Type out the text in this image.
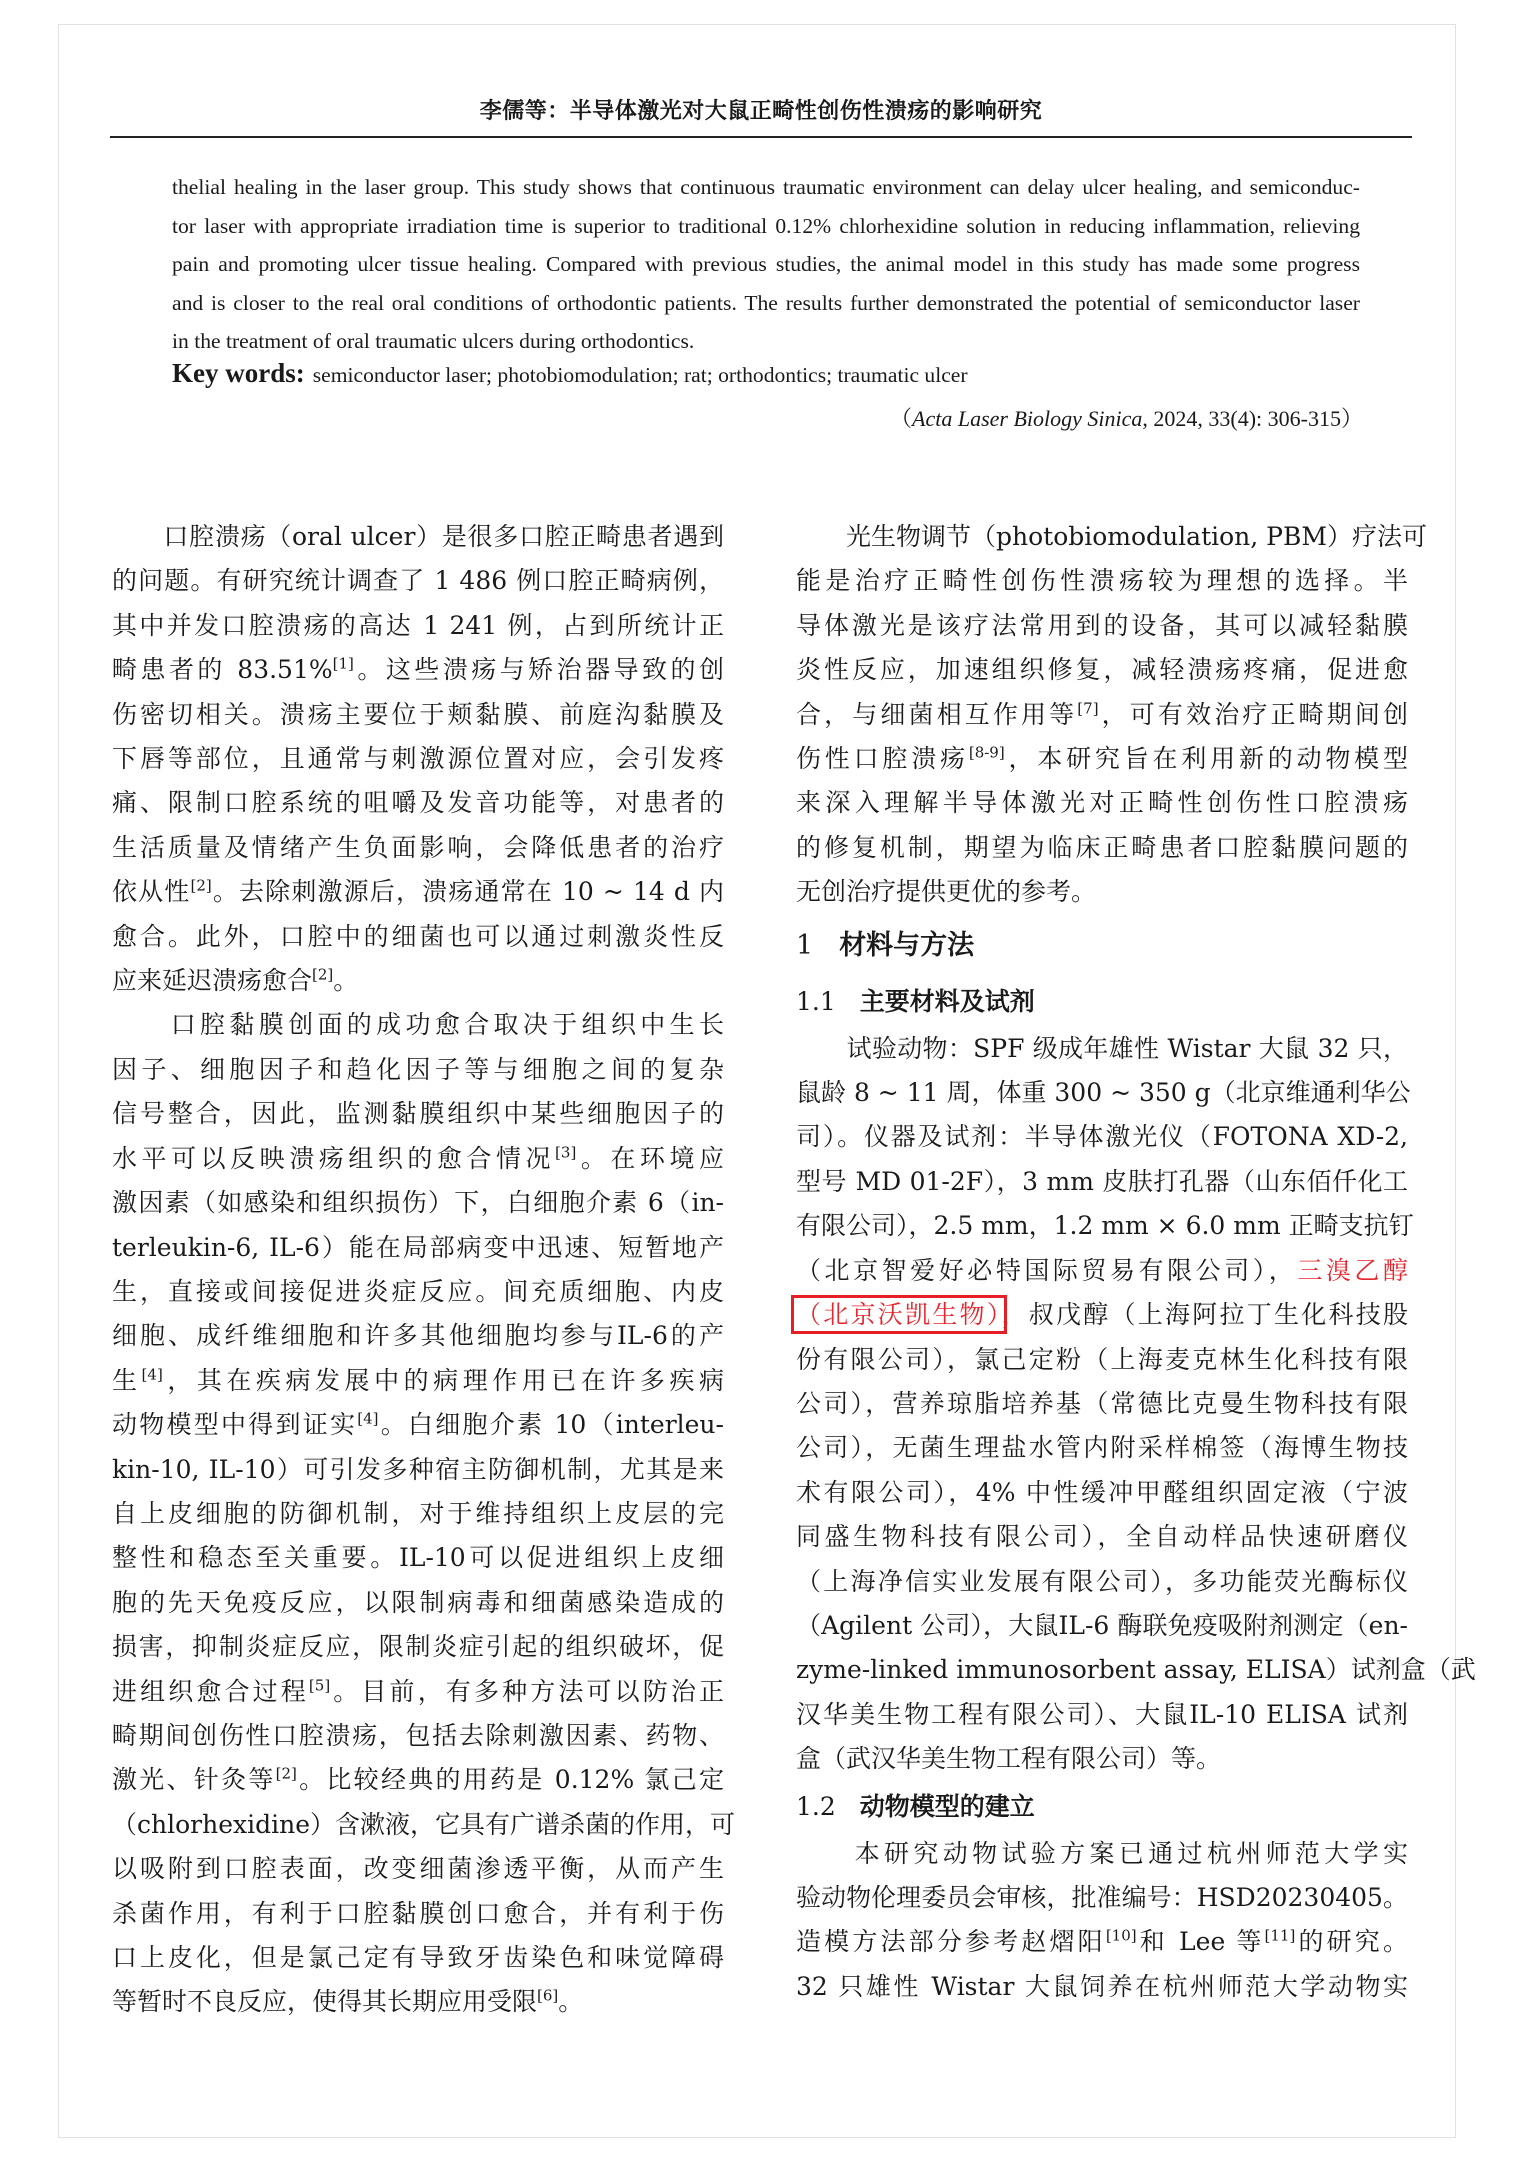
李儒等：半导体激光对大鼠正畸性创伤性溃疡的影响研究
thelial healing in the laser group. This study shows that continuous traumatic environment can delay ulcer healing, and semiconduc-
tor laser with appropriate irradiation time is superior to traditional 0.12% chlorhexidine solution in reducing inflammation, relieving
pain and promoting ulcer tissue healing. Compared with previous studies, the animal model in this study has made some progress
and is closer to the real oral conditions of orthodontic patients. The results further demonstrated the potential of semiconductor laser
in the treatment of oral traumatic ulcers during orthodontics.
Key words: semiconductor laser; photobiomodulation; rat; orthodontics; traumatic ulcer
（Acta Laser Biology Sinica, 2024, 33(4): 306-315）
　　口腔溃疡（oral ulcer）是很多口腔正畸患者遇到
的问题。有研究统计调查了 1 486 例口腔正畸病例，
其中并发口腔溃疡的高达 1 241 例，占到所统计正
畸患者的 83.51%[1]。这些溃疡与矫治器导致的创
伤密切相关。溃疡主要位于颊黏膜、前庭沟黏膜及
下唇等部位，且通常与刺激源位置对应，会引发疼
痛、限制口腔系统的咀嚼及发音功能等，对患者的
生活质量及情绪产生负面影响，会降低患者的治疗
依从性[2]。去除刺激源后，溃疡通常在 10 ~ 14 d 内
愈合。此外，口腔中的细菌也可以通过刺激炎性反
应来延迟溃疡愈合[2]。
　　口腔黏膜创面的成功愈合取决于组织中生长
因子、细胞因子和趋化因子等与细胞之间的复杂
信号整合，因此，监测黏膜组织中某些细胞因子的
水平可以反映溃疡组织的愈合情况[3]。在环境应
激因素（如感染和组织损伤）下，白细胞介素 6（in-
terleukin-6, IL-6）能在局部病变中迅速、短暂地产
生，直接或间接促进炎症反应。间充质细胞、内皮
细胞、成纤维细胞和许多其他细胞均参与IL-6的产
生[4]，其在疾病发展中的病理作用已在许多疾病
动物模型中得到证实[4]。白细胞介素 10（interleu-
kin-10, IL-10）可引发多种宿主防御机制，尤其是来
自上皮细胞的防御机制，对于维持组织上皮层的完
整性和稳态至关重要。IL-10可以促进组织上皮细
胞的先天免疫反应，以限制病毒和细菌感染造成的
损害，抑制炎症反应，限制炎症引起的组织破坏，促
进组织愈合过程[5]。目前，有多种方法可以防治正
畸期间创伤性口腔溃疡，包括去除刺激因素、药物、
激光、针灸等[2]。比较经典的用药是 0.12% 氯己定
（chlorhexidine）含漱液，它具有广谱杀菌的作用，可
以吸附到口腔表面，改变细菌渗透平衡，从而产生
杀菌作用，有利于口腔黏膜创口愈合，并有利于伤
口上皮化，但是氯己定有导致牙齿染色和味觉障碍
等暂时不良反应，使得其长期应用受限[6]。
　　光生物调节（photobiomodulation, PBM）疗法可
能是治疗正畸性创伤性溃疡较为理想的选择。半
导体激光是该疗法常用到的设备，其可以减轻黏膜
炎性反应，加速组织修复，减轻溃疡疼痛，促进愈
合，与细菌相互作用等[7]，可有效治疗正畸期间创
伤性口腔溃疡[8-9]，本研究旨在利用新的动物模型
来深入理解半导体激光对正畸性创伤性口腔溃疡
的修复机制，期望为临床正畸患者口腔黏膜问题的
无创治疗提供更优的参考。
1 材料与方法
1.1 主要材料及试剂
　　试验动物：SPF 级成年雄性 Wistar 大鼠 32 只，
鼠龄 8 ~ 11 周，体重 300 ~ 350 g（北京维通利华公
司）。仪器及试剂：半导体激光仪（FOTONA XD-2,
型号 MD 01-2F），3 mm 皮肤打孔器（山东佰仟化工
有限公司），2.5 mm，1.2 mm × 6.0 mm 正畸支抗钉
（北京智爱好必特国际贸易有限公司），三溴乙醇
（北京沃凯生物），叔戊醇（上海阿拉丁生化科技股
份有限公司），氯己定粉（上海麦克林生化科技有限
公司），营养琼脂培养基（常德比克曼生物科技有限
公司），无菌生理盐水管内附采样棉签（海博生物技
术有限公司），4% 中性缓冲甲醛组织固定液（宁波
同盛生物科技有限公司），全自动样品快速研磨仪
（上海净信实业发展有限公司），多功能荧光酶标仪
（Agilent 公司），大鼠IL-6 酶联免疫吸附剂测定（en-
zyme-linked immunosorbent assay, ELISA）试剂盒（武
汉华美生物工程有限公司）、大鼠IL-10 ELISA 试剂
盒（武汉华美生物工程有限公司）等。
1.2 动物模型的建立
　　本研究动物试验方案已通过杭州师范大学实
验动物伦理委员会审核，批准编号：HSD20230405。
造模方法部分参考赵熠阳[10]和 Lee 等[11]的研究。
32 只雄性 Wistar 大鼠饲养在杭州师范大学动物实
